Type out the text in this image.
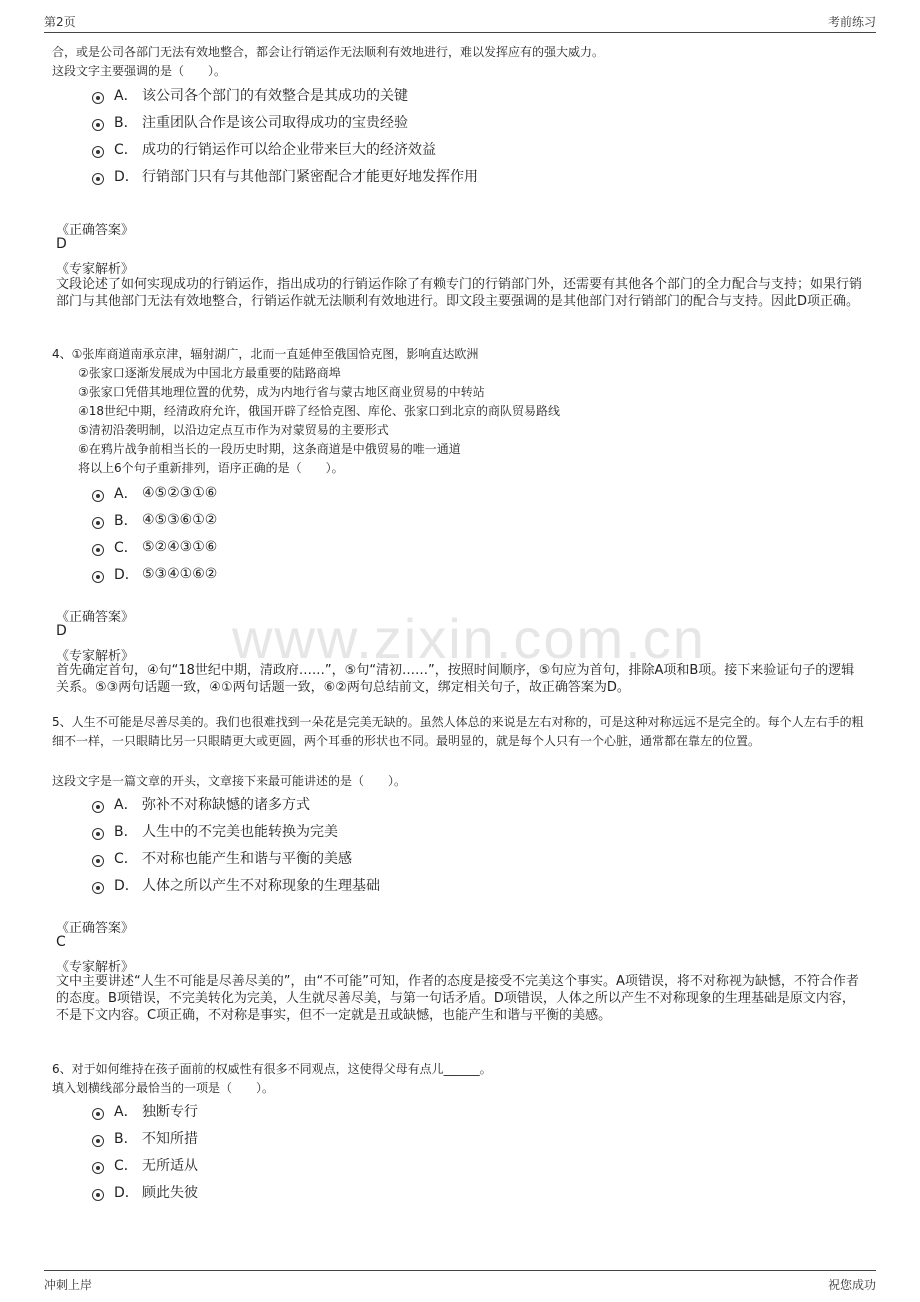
第2页	考前练习
www.zixin.com.cn
合，或是公司各部门无法有效地整合，都会让行销运作无法顺利有效地进行，难以发挥应有的强大威力。
这段文字主要强调的是（　　）。
A． 该公司各个部门的有效整合是其成功的关键
B． 注重团队合作是该公司取得成功的宝贵经验
C． 成功的行销运作可以给企业带来巨大的经济效益
D． 行销部门只有与其他部门紧密配合才能更好地发挥作用
《正确答案》
D
《专家解析》
文段论述了如何实现成功的行销运作，指出成功的行销运作除了有赖专门的行销部门外，还需要有其他各个部门的全力配合与支持；如果行销部门与其他部门无法有效地整合，行销运作就无法顺利有效地进行。即文段主要强调的是其他部门对行销部门的配合与支持。因此D项正确。
4、①张库商道南承京津，辐射湖广，北而一直延伸至俄国恰克图，影响直达欧洲
②张家口逐渐发展成为中国北方最重要的陆路商埠
③张家口凭借其地理位置的优势，成为内地行省与蒙古地区商业贸易的中转站
④18世纪中期，经清政府允许，俄国开辟了经恰克图、库伦、张家口到北京的商队贸易路线
⑤清初沿袭明制，以沿边定点互市作为对蒙贸易的主要形式
⑥在鸦片战争前相当长的一段历史时期，这条商道是中俄贸易的唯一通道
将以上6个句子重新排列，语序正确的是（　　）。
A． ④⑤②③①⑥
B． ④⑤③⑥①②
C． ⑤②④③①⑥
D． ⑤③④①⑥②
《正确答案》
D
《专家解析》
首先确定首句，④句“18世纪中期，清政府……”，⑤句“清初……”，按照时间顺序，⑤句应为首句，排除A项和B项。接下来验证句子的逻辑关系。⑤③两句话题一致，④①两句话题一致，⑥②两句总结前文，绑定相关句子，故正确答案为D。
5、人生不可能是尽善尽美的。我们也很难找到一朵花是完美无缺的。虽然人体总的来说是左右对称的，可是这种对称远远不是完全的。每个人左右手的粗细不一样，一只眼睛比另一只眼睛更大或更圆，两个耳垂的形状也不同。最明显的，就是每个人只有一个心脏，通常都在靠左的位置。
这段文字是一篇文章的开头，文章接下来最可能讲述的是（　　）。
A． 弥补不对称缺憾的诸多方式
B． 人生中的不完美也能转换为完美
C． 不对称也能产生和谐与平衡的美感
D． 人体之所以产生不对称现象的生理基础
《正确答案》
C
《专家解析》
文中主要讲述“人生不可能是尽善尽美的”，由“不可能”可知，作者的态度是接受不完美这个事实。A项错误，将不对称视为缺憾，不符合作者的态度。B项错误，不完美转化为完美，人生就尽善尽美，与第一句话矛盾。D项错误，人体之所以产生不对称现象的生理基础是原文内容，不是下文内容。C项正确，不对称是事实，但不一定就是丑或缺憾，也能产生和谐与平衡的美感。
6、对于如何维持在孩子面前的权威性有很多不同观点，这使得父母有点儿______。
填入划横线部分最恰当的一项是（　　）。
A． 独断专行
B． 不知所措
C． 无所适从
D． 顾此失彼
冲刺上岸	祝您成功
